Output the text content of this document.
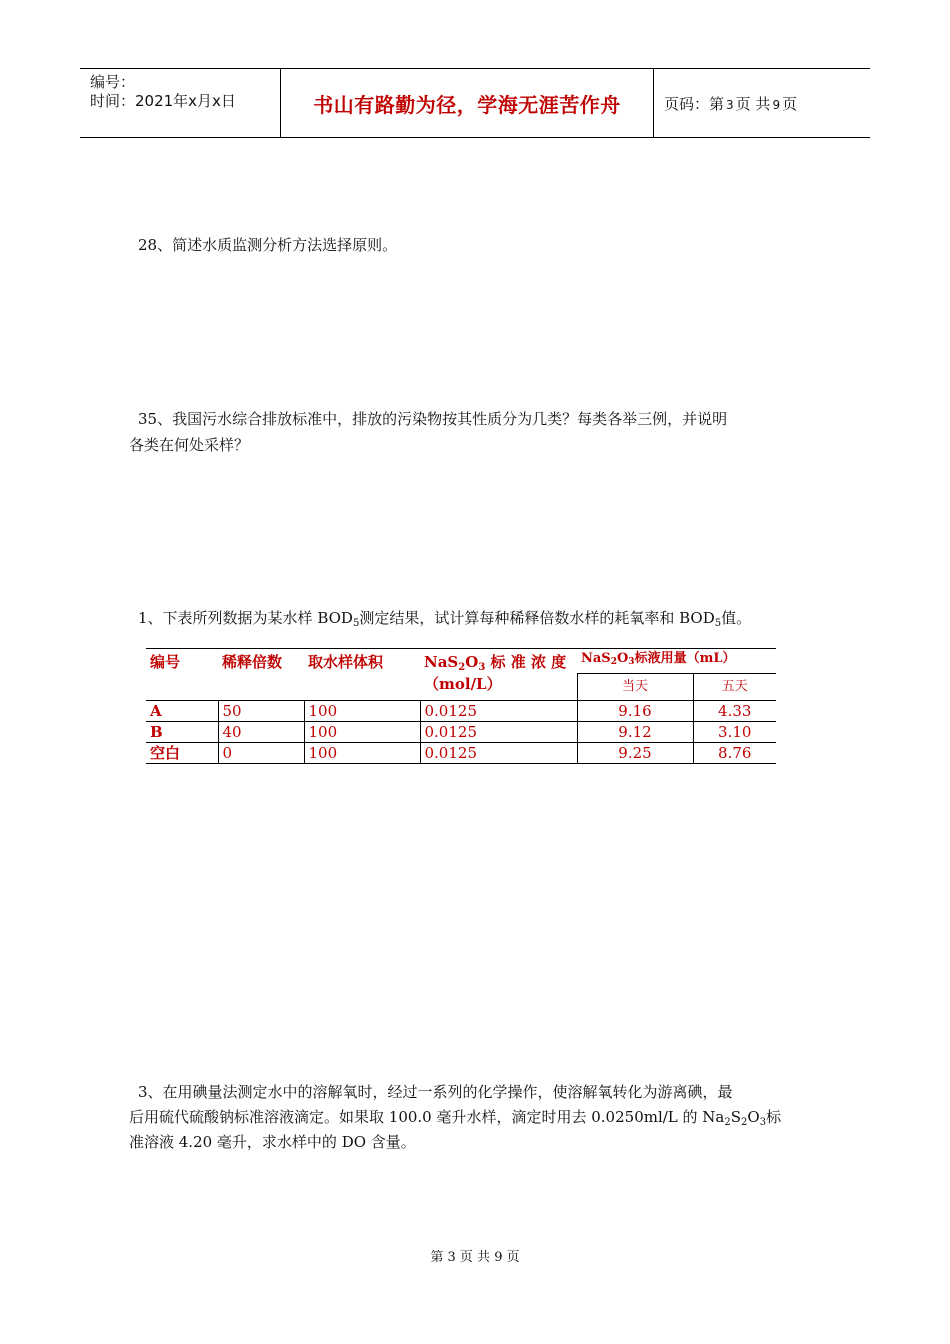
编号：
时间：2021年x月x日	书山有路勤为径，学海无涯苦作舟	页码：第 3 页 共 9 页
28、简述水质监测分析方法选择原则。
35、我国污水综合排放标准中，排放的污染物按其性质分为几类？每类各举三例，并说明
各类在何处采样？
1、下表所列数据为某水样 $BOD_5$测定结果，试计算每种稀释倍数水样的耗氧率和 $BOD_5$值。
编号	稀释倍数	取水样体积	$NaS_2O_3$ 标 准 浓 度
（mol/L）	$NaS_2O_3$标液用量（mL）	
				当天	五天
A	50	100	0.0125	9.16	4.33
B	40	100	0.0125	9.12	3.10
空白	0	100	0.0125	9.25	8.76
3、在用碘量法测定水中的溶解氧时，经过一系列的化学操作，使溶解氧转化为游离碘，最
后用硫代硫酸钠标准溶液滴定。如果取 100.0 毫升水样，滴定时用去 0.0250ml/L 的 $Na_2S_2O_3$标
准溶液 4.20 毫升，求水样中的 DO 含量。
第 3 页 共 9 页
